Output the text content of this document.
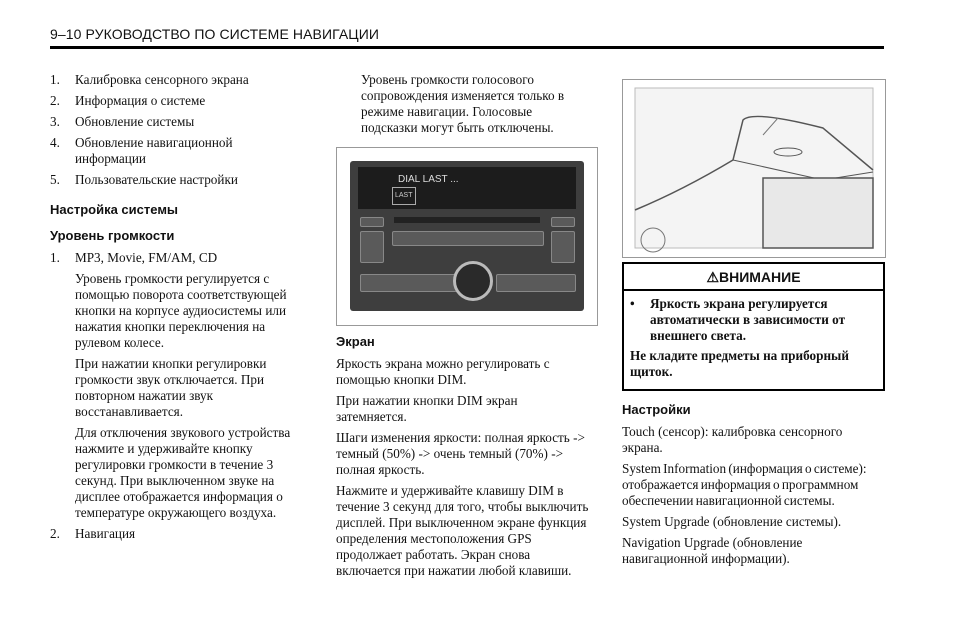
9–10 РУКОВОДСТВО ПО СИСТЕМЕ НАВИГАЦИИ
1. Калибровка сенсорного экрана
2. Информация о системе
3. Обновление системы
4. Обновление навигационной информации
5. Пользовательские настройки
Настройка системы
Уровень громкости
1. MP3, Movie, FM/AM, CD
Уровень громкости регулируется с помощью поворота соответствующей кнопки на корпусе аудиосистемы или нажатия кнопки переключения на рулевом колесе.
При нажатии кнопки регулировки громкости звук отключается. При повторном нажатии звук восстанавливается.
Для отключения звукового устройства нажмите и удерживайте кнопку регулировки громкости в течение 3 секунд. При выключенном звуке на дисплее отображается информация о температуре окружающего воздуха.
2. Навигация
Уровень громкости голосового сопровождения изменяется только в режиме навигации. Голосовые подсказки могут быть отключены.
DIAL LAST ...
LAST
Экран
Яркость экрана можно регулировать с помощью кнопки DIM.
При нажатии кнопки DIM экран затемняется.
Шаги изменения яркости: полная яркость -> темный (50%) -> очень темный (70%) -> полная яркость.
Нажмите и удерживайте клавишу DIM в течение 3 секунд для того, чтобы выключить дисплей. При выключенном экране функция определения местоположения GPS продолжает работать. Экран снова включается при нажатии любой клавиши.
⚠ВНИМАНИЕ
• Яркость экрана регулируется автоматически в зависимости от внешнего света.
Не кладите предметы на приборный щиток.
Настройки
Touch (сенсор): калибровка сенсорного экрана.
System Information (информация о системе): отображается информация о программном обеспечении навигационной системы.
System Upgrade (обновление системы).
Navigation Upgrade (обновление навигационной информации).
